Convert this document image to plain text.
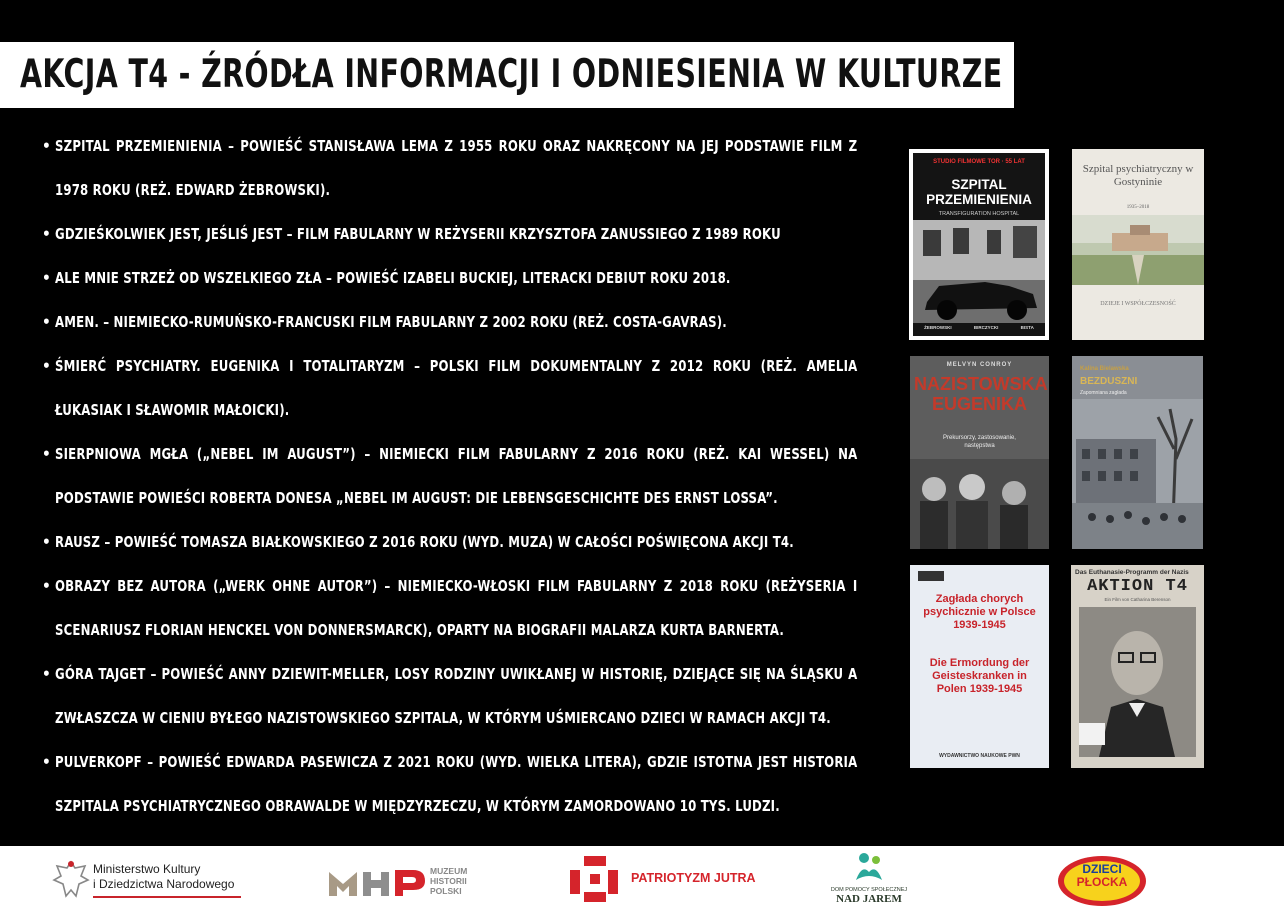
AKCJA T4 - ŹRÓDŁA INFORMACJI I ODNIESIENIA W KULTURZE
• SZPITAL PRZEMIENIENIA – POWIEŚĆ STANISŁAWA LEMA Z 1955 ROKU ORAZ NAKRĘCONY NA JEJ PODSTAWIE FILM Z 1978 ROKU (REŻ. EDWARD ŻEBROWSKI).
• GDZIEŚKOLWIEK JEST, JEŚLIŚ JEST – FILM FABULARNY W REŻYSERII KRZYSZTOFA ZANUSSIEGO Z 1989 ROKU
• ALE MNIE STRZEŻ OD WSZELKIEGO ZŁA – POWIEŚĆ IZABELI BUCKIEJ, LITERACKI DEBIUT ROKU 2018.
• AMEN. – NIEMIECKO-RUMUŃSKO-FRANCUSKI FILM FABULARNY Z 2002 ROKU (REŻ. COSTA-GAVRAS).
• ŚMIERĆ PSYCHIATRY. EUGENIKA I TOTALITARYZM – POLSKI FILM DOKUMENTALNY Z 2012 ROKU (REŻ. AMELIA ŁUKASIAK I SŁAWOMIR MAŁOICKI).
• SIERPNIOWA MGŁA („NEBEL IM AUGUST”) – NIEMIECKI FILM FABULARNY Z 2016 ROKU (REŻ. KAI WESSEL) NA PODSTAWIE POWIEŚCI ROBERTA DONESA „NEBEL IM AUGUST: DIE LEBENSGESCHICHTE DES ERNST LOSSA”.
• RAUSZ – POWIEŚĆ TOMASZA BIAŁKOWSKIEGO Z 2016 ROKU (WYD. MUZA) W CAŁOŚCI POŚWIĘCONA AKCJI T4.
• OBRAZY BEZ AUTORA („WERK OHNE AUTOR”) – NIEMIECKO-WŁOSKI FILM FABULARNY Z 2018 ROKU (REŻYSERIA I SCENARIUSZ FLORIAN HENCKEL VON DONNERSMARCK), OPARTY NA BIOGRAFII MALARZA KURTA BARNERTA.
• GÓRA TAJGET – POWIEŚĆ ANNY DZIEWIT-MELLER, LOSY RODZINY UWIKŁANEJ W HISTORIĘ, DZIEJĄCE SIĘ NA ŚLĄSKU A ZWŁASZCZA W CIENIU BYŁEGO NAZISTOWSKIEGO SZPITALA, W KTÓRYM UŚMIERCANO DZIECI W RAMACH AKCJI T4.
• PULVERKOPF – POWIEŚĆ EDWARDA PASEWICZA Z 2021 ROKU (WYD. WIELKA LITERA), GDZIE ISTOTNA JEST HISTORIA SZPITALA PSYCHIATRYCZNEGO OBRAWALDE W MIĘDZYRZECZU, W KTÓRYM ZAMORDOWANO 10 TYS. LUDZI.
STUDIO FILMOWE TOR · 55 LAT
SZPITAL PRZEMIENIENIA
TRANSFIGURATION HOSPITAL
ŻEBROWSKI	BIRCZYCKI	BISTA
Szpital psychiatryczny w Gostyninie
1935–2018
DZIEJE I WSPÓŁCZESNOŚĆ
MELVYN CONROY
NAZISTOWSKA EUGENIKA
Prekursorzy, zastosowanie, następstwa
Kalina Bielawska
BEZDUSZNI
Zapomniana zagłada
Zagłada chorych psychicznie w Polsce 1939-1945
Die Ermordung der Geisteskranken in Polen 1939-1945
WYDAWNICTWO NAUKOWE PWN
Das Euthanasie-Programm der Nazis
AKTION T4
Ein Film von Catharina Berenson
Ministerstwo Kultury
i Dziedzictwa Narodowego
MUZEUM
HISTORII
POLSKI
PATRIOTYZM JUTRA
DOM POMOCY SPOŁECZNEJ
NAD JAREM
DZIECI
PŁOCKA
